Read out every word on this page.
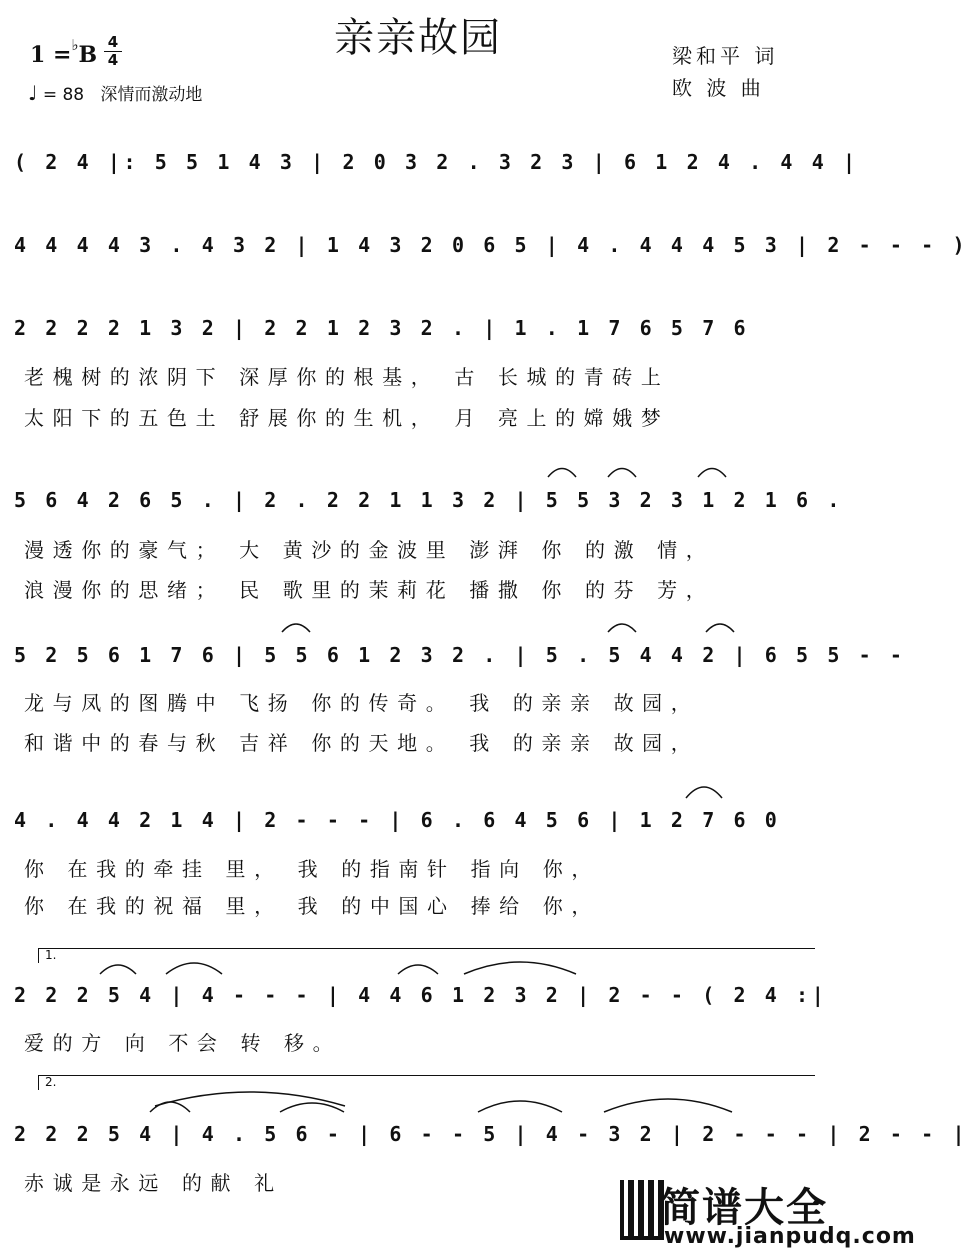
亲亲故园
1 =♭B 4
4
♩ = 88 深情而激动地
梁和平 词
欧 波 曲
( 2 4 |: 5 5 1 4 3 | 2 0 3 2 . 3 2 3 | 6 1 2 4 . 4 4 |
4 4 4 4 3 . 4 3 2 | 1 4 3 2 0 6 5 | 4 . 4 4 4 5 3 | 2 - - - )
2 2 2 2 1 3 2 | 2 2 1 2 3 2 . | 1 . 1 7 6 5 7 6
老槐树的浓阴下 深厚你的根基， 古 长城的青砖上
太阳下的五色土 舒展你的生机， 月 亮上的嫦娥梦
5 6 4 2 6 5 . | 2 . 2 2 1 1 3 2 | 5 5 3 2 3 1 2 1 6 .
漫透你的豪气； 大 黄沙的金波里 澎湃 你 的激 情，
浪漫你的思绪； 民 歌里的茉莉花 播撒 你 的芬 芳，
5 2 5 6 1 7 6 | 5 5 6 1 2 3 2 . | 5 . 5 4 4 2 | 6 5 5 - -
龙与凤的图腾中 飞扬 你的传奇。 我 的亲亲 故园，
和谐中的春与秋 吉祥 你的天地。 我 的亲亲 故园，
4 . 4 4 2 1 4 | 2 - - - | 6 . 6 4 5 6 | 1 2 7 6 0
你 在我的牵挂 里， 我 的指南针 指向 你，
你 在我的祝福 里， 我 的中国心 捧给 你，
1.
2 2 2 5 4 | 4 - - - | 4 4 6 1 2 3 2 | 2 - - ( 2 4 :|
爱的方 向 不会 转 移。
2.
2 2 2 5 4 | 4 . 5 6 - | 6 - - 5 | 4 - 3 2 | 2 - - - | 2 - - |
赤诚是永远 的献 礼
简谱大全
www.jianpudq.com
